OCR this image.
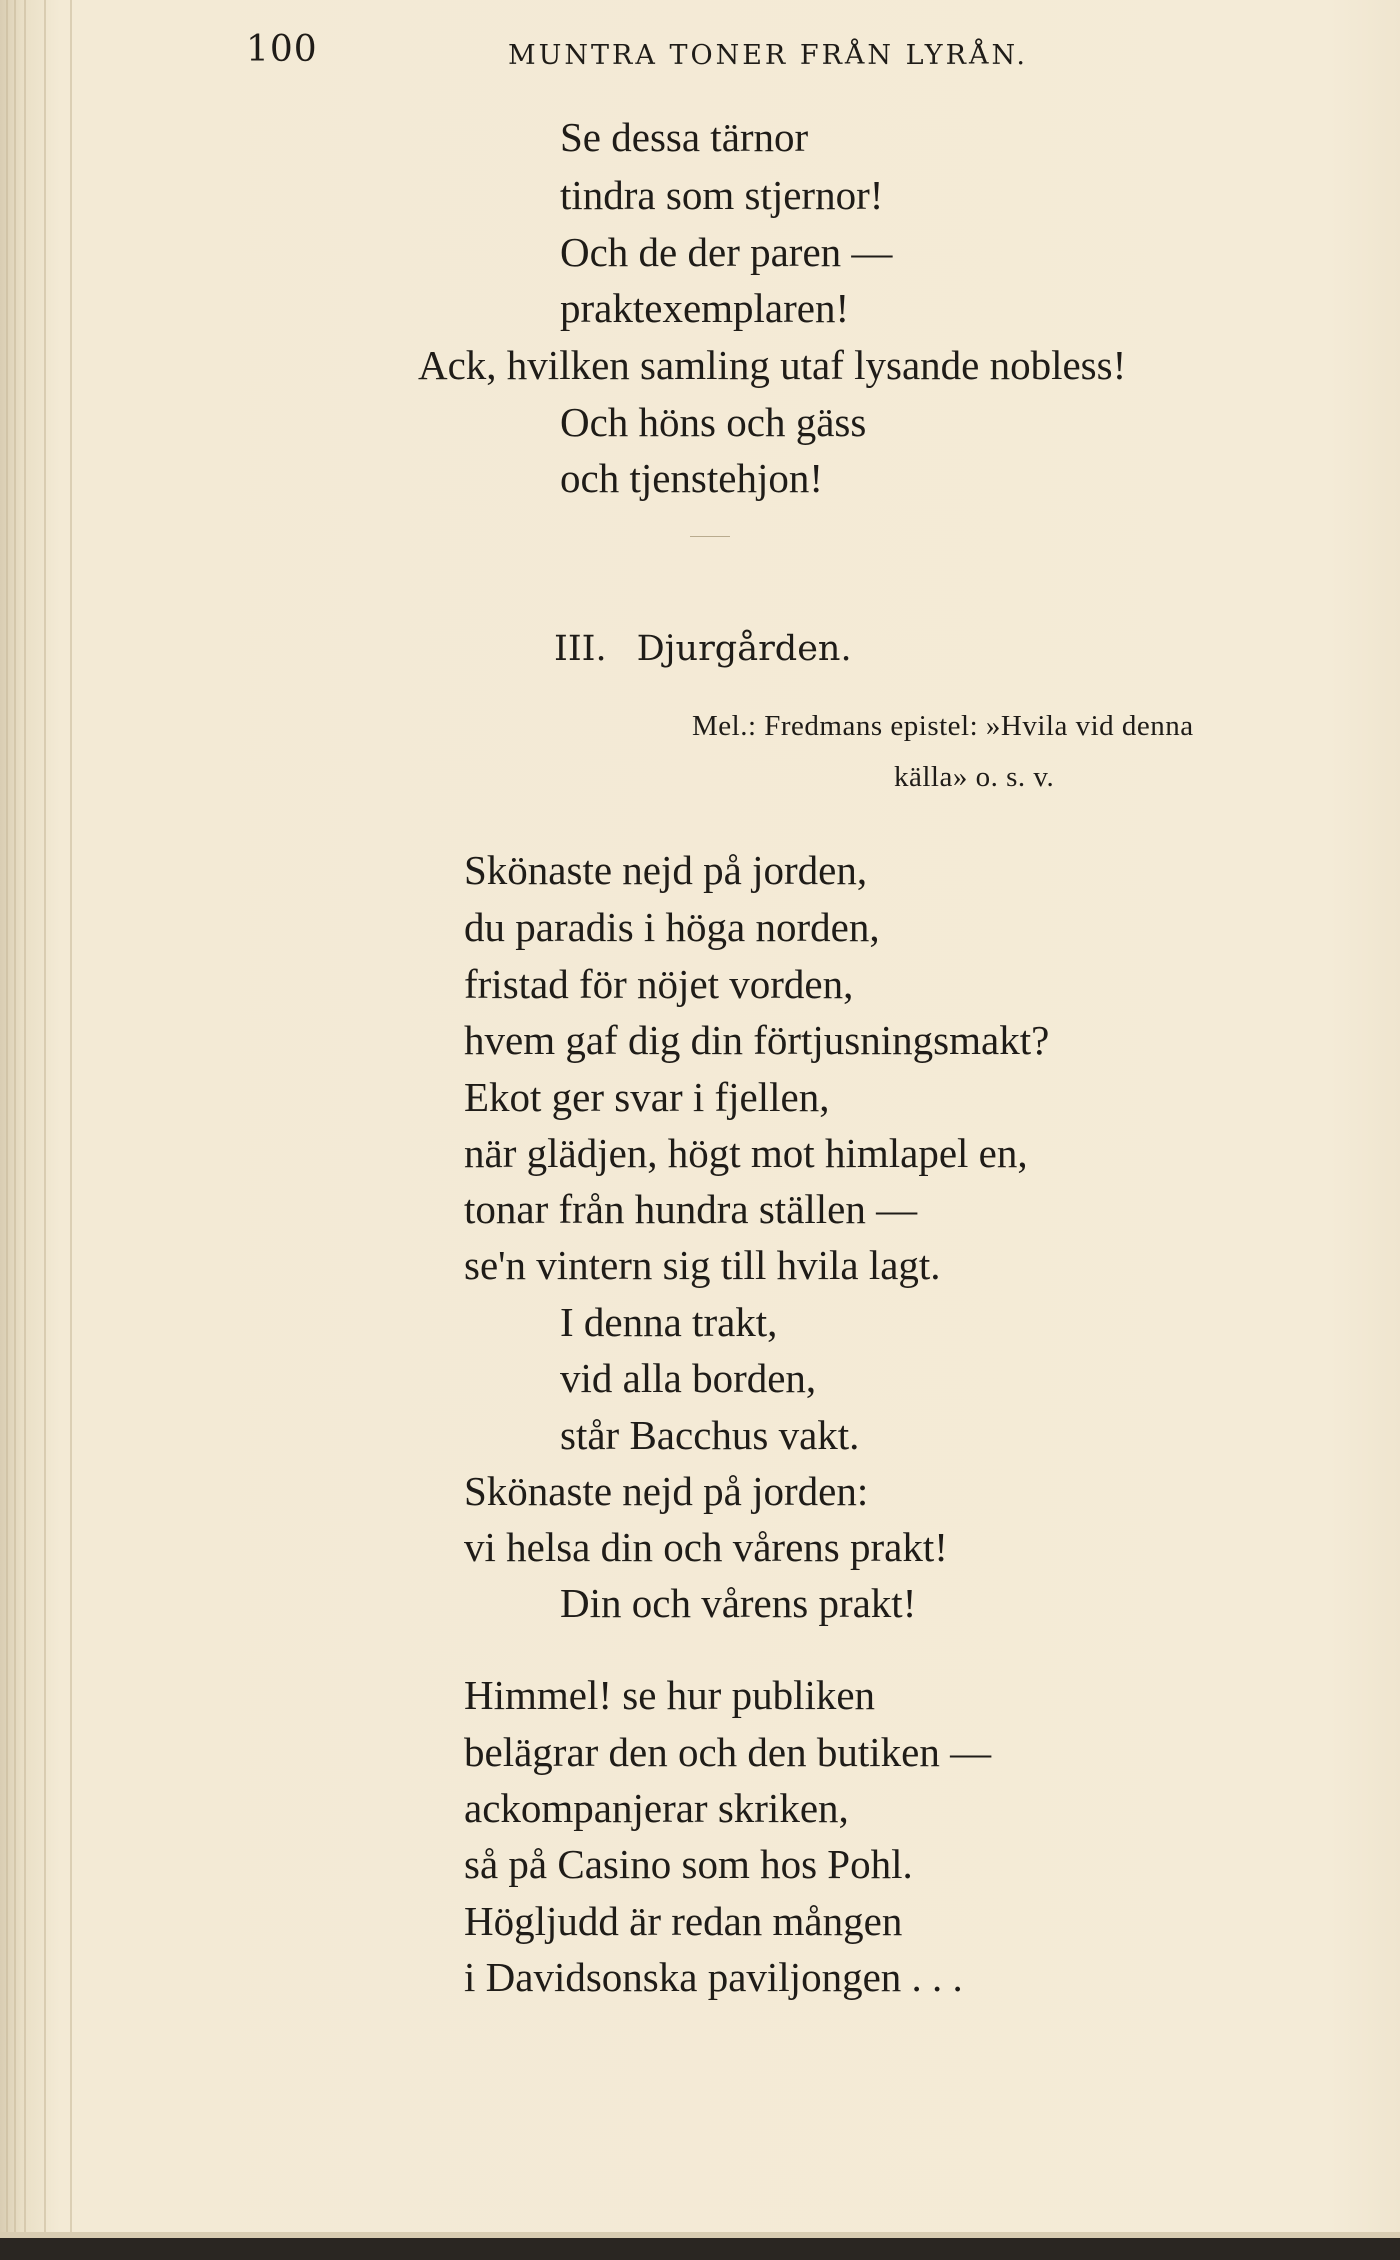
100	MUNTRA TONER FRÅN LYRÅN.
Se dessa tärnor
tindra som stjernor!
Och de der paren —
praktexemplaren!
Ack, hvilken samling utaf lysande nobless!
Och höns och gäss
och tjenstehjon!
III. Djurgården.
Mel.: Fredmans epistel: »Hvila vid denna
källa» o. s. v.
Skönaste nejd på jorden,
du paradis i höga norden,
fristad för nöjet vorden,
hvem gaf dig din förtjusningsmakt?
Ekot ger svar i fjellen,
när glädjen, högt mot himlapel en,
tonar från hundra ställen —
se'n vintern sig till hvila lagt.
I denna trakt,
vid alla borden,
står Bacchus vakt.
Skönaste nejd på jorden:
vi helsa din och vårens prakt!
Din och vårens prakt!
Himmel! se hur publiken
belägrar den och den butiken —
ackompanjerar skriken,
så på Casino som hos Pohl.
Högljudd är redan mången
i Davidsonska paviljongen . . .
